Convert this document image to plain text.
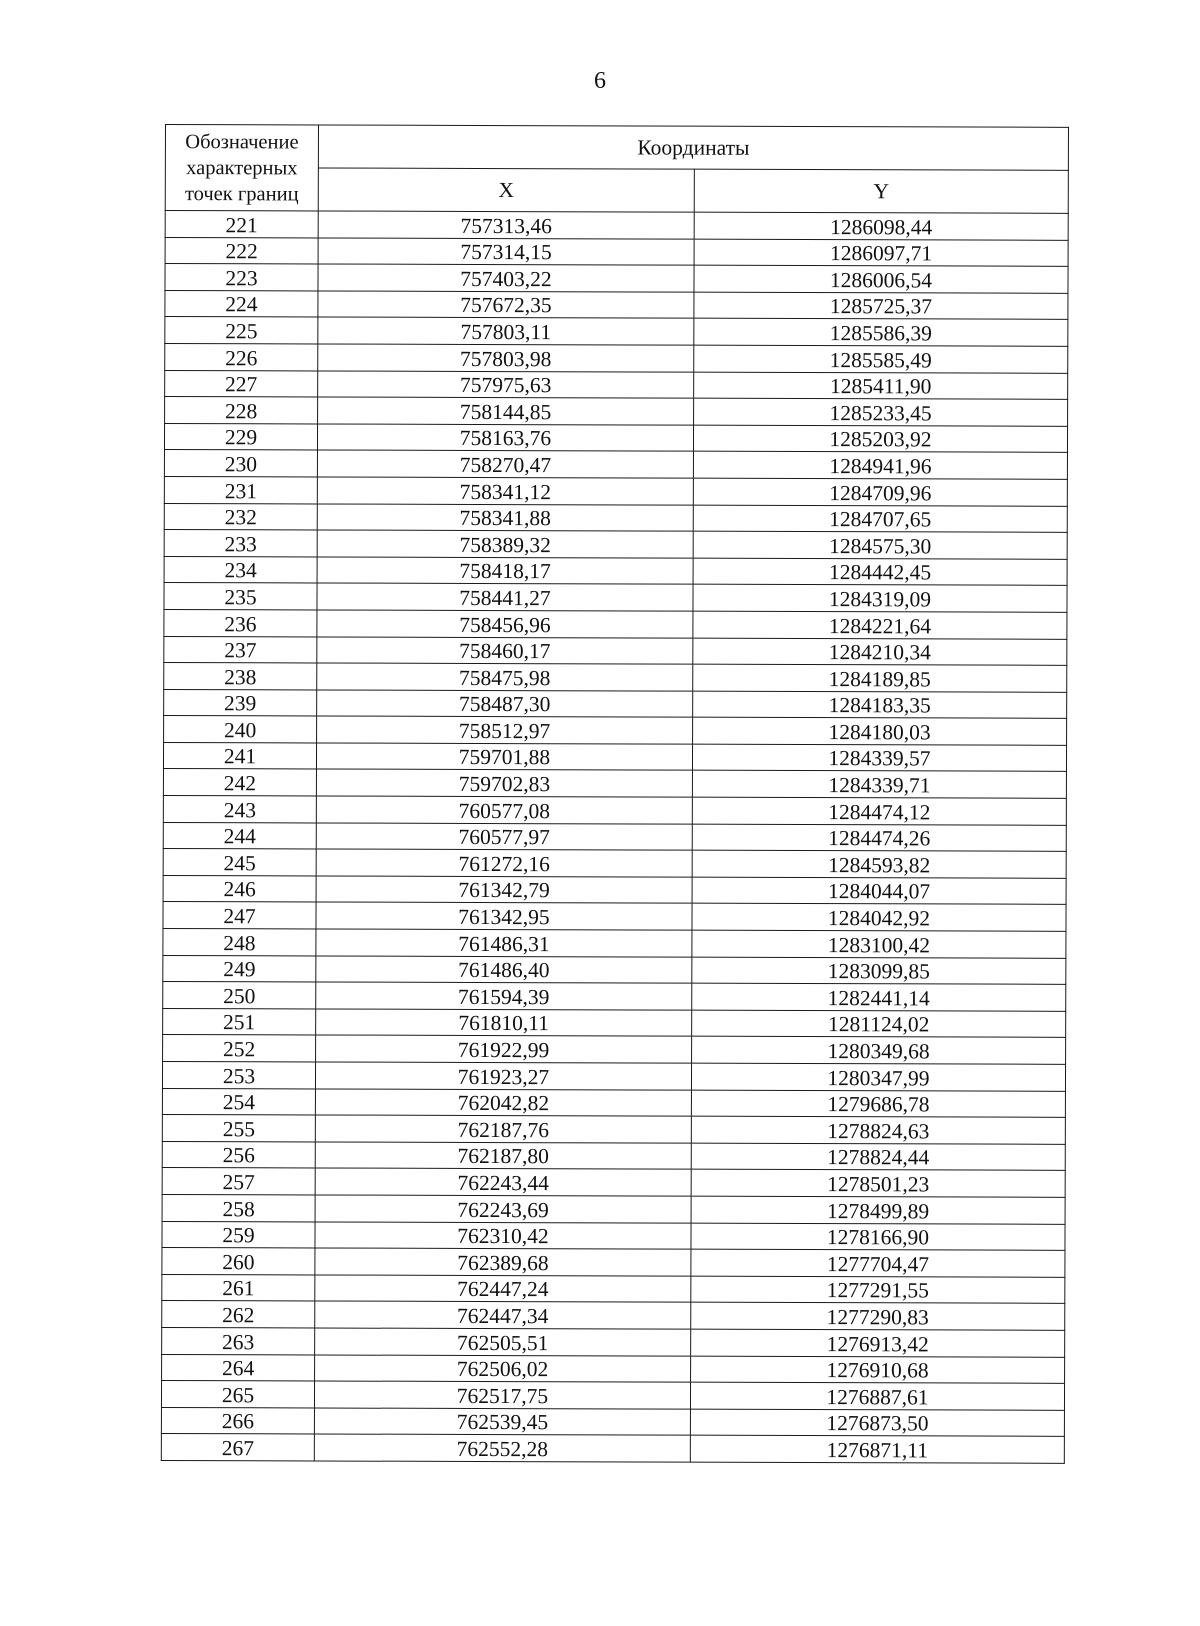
6
Обозначение характерных точек границ	Координаты	
	X	Y
221	757313,46	1286098,44
222	757314,15	1286097,71
223	757403,22	1286006,54
224	757672,35	1285725,37
225	757803,11	1285586,39
226	757803,98	1285585,49
227	757975,63	1285411,90
228	758144,85	1285233,45
229	758163,76	1285203,92
230	758270,47	1284941,96
231	758341,12	1284709,96
232	758341,88	1284707,65
233	758389,32	1284575,30
234	758418,17	1284442,45
235	758441,27	1284319,09
236	758456,96	1284221,64
237	758460,17	1284210,34
238	758475,98	1284189,85
239	758487,30	1284183,35
240	758512,97	1284180,03
241	759701,88	1284339,57
242	759702,83	1284339,71
243	760577,08	1284474,12
244	760577,97	1284474,26
245	761272,16	1284593,82
246	761342,79	1284044,07
247	761342,95	1284042,92
248	761486,31	1283100,42
249	761486,40	1283099,85
250	761594,39	1282441,14
251	761810,11	1281124,02
252	761922,99	1280349,68
253	761923,27	1280347,99
254	762042,82	1279686,78
255	762187,76	1278824,63
256	762187,80	1278824,44
257	762243,44	1278501,23
258	762243,69	1278499,89
259	762310,42	1278166,90
260	762389,68	1277704,47
261	762447,24	1277291,55
262	762447,34	1277290,83
263	762505,51	1276913,42
264	762506,02	1276910,68
265	762517,75	1276887,61
266	762539,45	1276873,50
267	762552,28	1276871,11
